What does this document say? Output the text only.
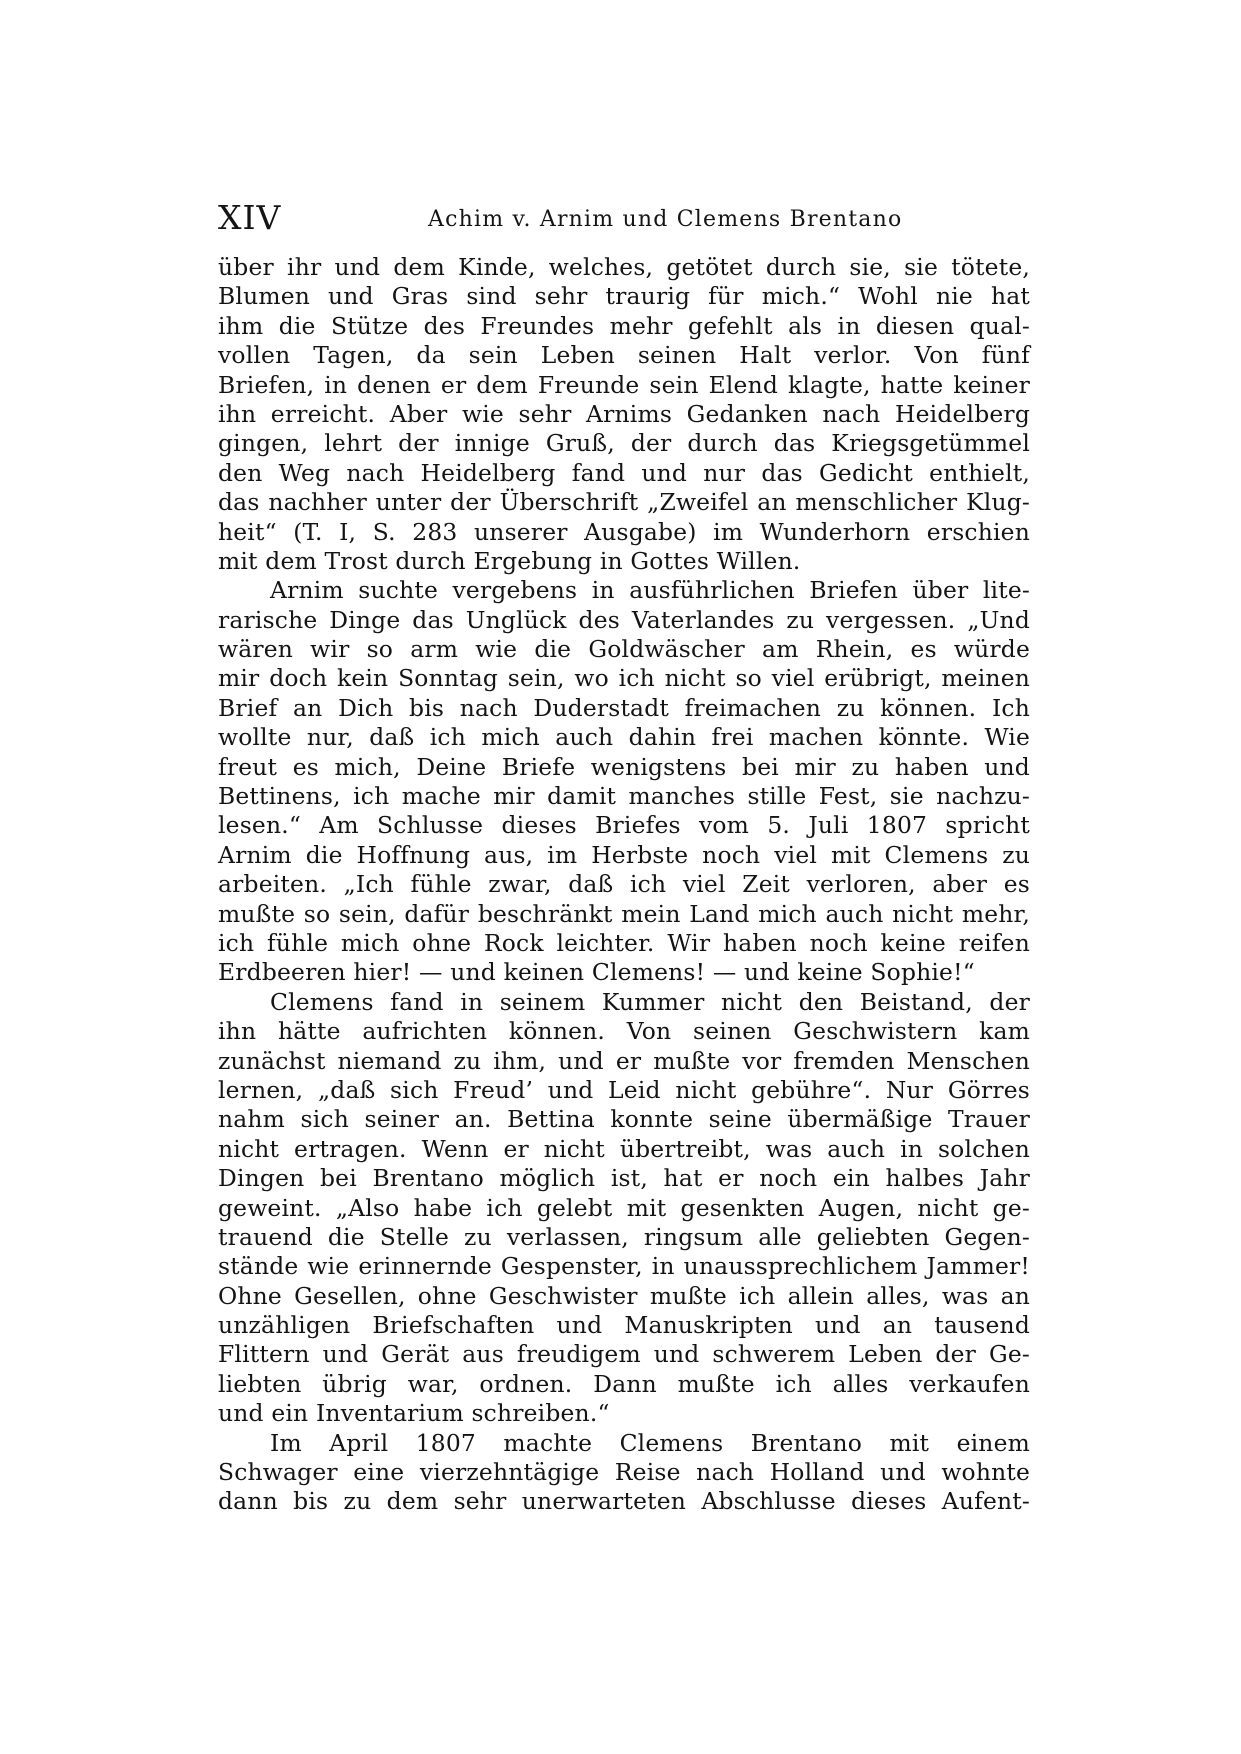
XIV	Achim v. Arnim und Clemens Brentano
über ihr und dem Kinde, welches, getötet durch sie, sie tötete,
Blumen und Gras sind sehr traurig für mich.“ Wohl nie hat
ihm die Stütze des Freundes mehr gefehlt als in diesen qual-
vollen Tagen, da sein Leben seinen Halt verlor. Von fünf
Briefen, in denen er dem Freunde sein Elend klagte, hatte keiner
ihn erreicht. Aber wie sehr Arnims Gedanken nach Heidelberg
gingen, lehrt der innige Gruß, der durch das Kriegsgetümmel
den Weg nach Heidelberg fand und nur das Gedicht enthielt,
das nachher unter der Überschrift „Zweifel an menschlicher Klug-
heit“ (T. I, S. 283 unserer Ausgabe) im Wunderhorn erschien
mit dem Trost durch Ergebung in Gottes Willen.
Arnim suchte vergebens in ausführlichen Briefen über lite-
rarische Dinge das Unglück des Vaterlandes zu vergessen. „Und
wären wir so arm wie die Goldwäscher am Rhein, es würde
mir doch kein Sonntag sein, wo ich nicht so viel erübrigt, meinen
Brief an Dich bis nach Duderstadt freimachen zu können. Ich
wollte nur, daß ich mich auch dahin frei machen könnte. Wie
freut es mich, Deine Briefe wenigstens bei mir zu haben und
Bettinens, ich mache mir damit manches stille Fest, sie nachzu-
lesen.“ Am Schlusse dieses Briefes vom 5. Juli 1807 spricht
Arnim die Hoffnung aus, im Herbste noch viel mit Clemens zu
arbeiten. „Ich fühle zwar, daß ich viel Zeit verloren, aber es
mußte so sein, dafür beschränkt mein Land mich auch nicht mehr,
ich fühle mich ohne Rock leichter. Wir haben noch keine reifen
Erdbeeren hier! — und keinen Clemens! — und keine Sophie!“
Clemens fand in seinem Kummer nicht den Beistand, der
ihn hätte aufrichten können. Von seinen Geschwistern kam
zunächst niemand zu ihm, und er mußte vor fremden Menschen
lernen, „daß sich Freud’ und Leid nicht gebühre“. Nur Görres
nahm sich seiner an. Bettina konnte seine übermäßige Trauer
nicht ertragen. Wenn er nicht übertreibt, was auch in solchen
Dingen bei Brentano möglich ist, hat er noch ein halbes Jahr
geweint. „Also habe ich gelebt mit gesenkten Augen, nicht ge-
trauend die Stelle zu verlassen, ringsum alle geliebten Gegen-
stände wie erinnernde Gespenster, in unaussprechlichem Jammer!
Ohne Gesellen, ohne Geschwister mußte ich allein alles, was an
unzähligen Briefschaften und Manuskripten und an tausend
Flittern und Gerät aus freudigem und schwerem Leben der Ge-
liebten übrig war, ordnen. Dann mußte ich alles verkaufen
und ein Inventarium schreiben.“
Im April 1807 machte Clemens Brentano mit einem
Schwager eine vierzehntägige Reise nach Holland und wohnte
dann bis zu dem sehr unerwarteten Abschlusse dieses Aufent-
